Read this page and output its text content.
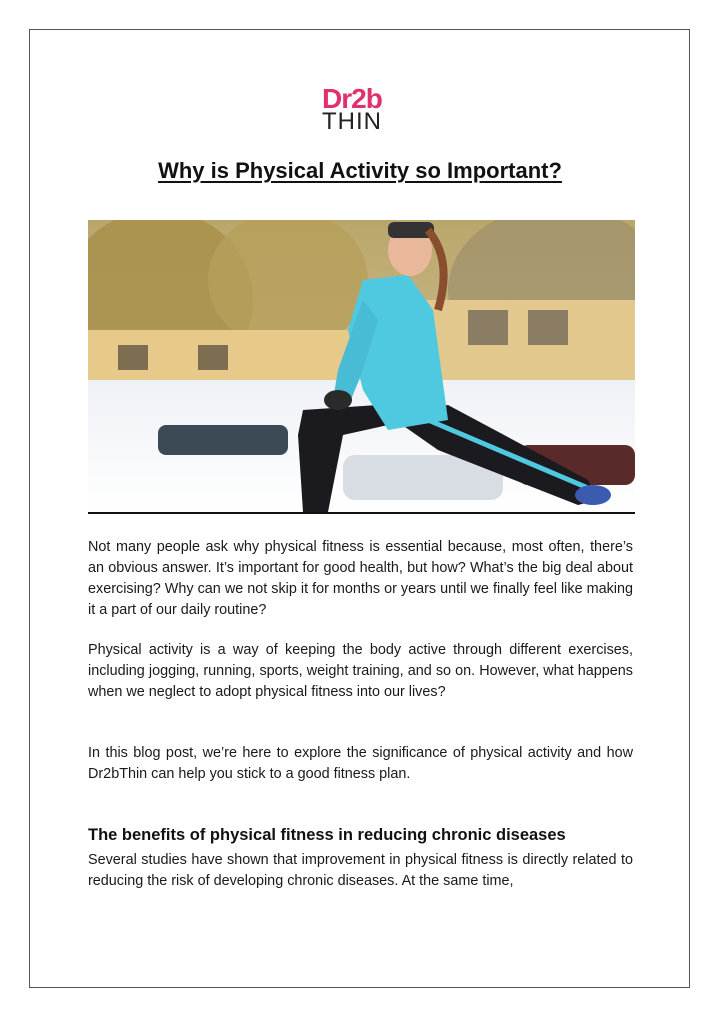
Dr2b
THIN
Why is Physical Activity so Important?

Not many people ask why physical fitness is essential because, most often, there’s an obvious answer. It’s important for good health, but how? What’s the big deal about exercising? Why can we not skip it for months or years until we finally feel like making it a part of our daily routine?

Physical activity is a way of keeping the body active through different exercises, including jogging, running, sports, weight training, and so on. However, what happens when we neglect to adopt physical fitness into our lives?

In this blog post, we’re here to explore the significance of physical activity and how Dr2bThin can help you stick to a good fitness plan.

The benefits of physical fitness in reducing chronic diseases

Several studies have shown that improvement in physical fitness is directly related to reducing the risk of developing chronic diseases. At the same time,
